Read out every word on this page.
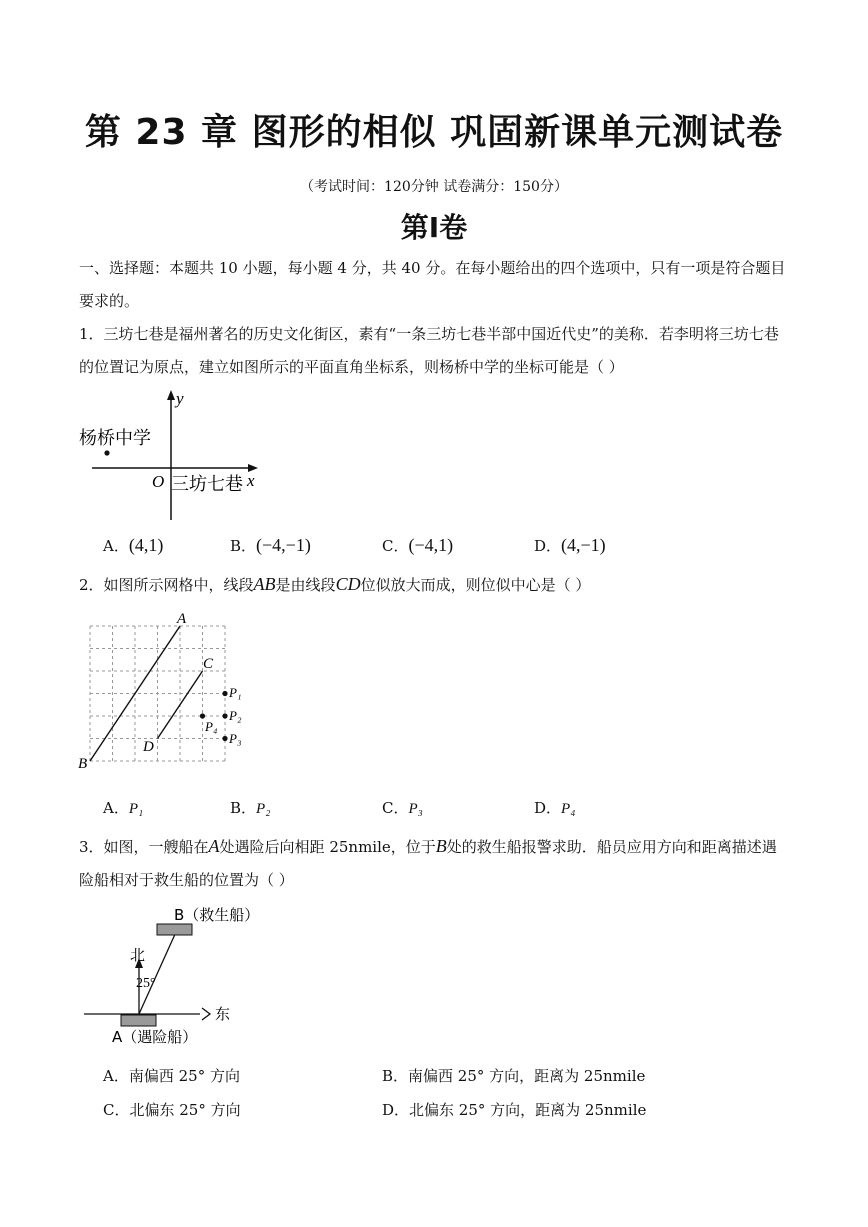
第 23 章 图形的相似 巩固新课单元测试卷
（考试时间：120分钟 试卷满分：150分）
第Ⅰ卷
一、选择题：本题共 10 小题，每小题 4 分，共 40 分。在每小题给出的四个选项中，只有一项是符合题目要求的。
1．三坊七巷是福州著名的历史文化街区，素有“一条三坊七巷半部中国近代史”的美称．若李明将三坊七巷的位置记为原点，建立如图所示的平面直角坐标系，则杨桥中学的坐标可能是（ ）
y
x
O 三坊七巷
杨桥中学
A．(4,1)	B．(−4,−1)	C．(−4,1)	D．(4,−1)
2．如图所示网格中，线段AB是由线段CD位似放大而成，则位似中心是（ ）
A
B
C
D
P₁
P₂
P₃
P₄
A．P₁	B．P₂	C．P₃	D．P₄
3．如图，一艘船在A处遇险后向相距 25nmile，位于B处的救生船报警求助．船员应用方向和距离描述遇险船相对于救生船的位置为（ ）
B（救生船）
A（遇险船）
北
东
25°
A．南偏西 25° 方向	B．南偏西 25° 方向，距离为 25nmile
C．北偏东 25° 方向	D．北偏东 25° 方向，距离为 25nmile
